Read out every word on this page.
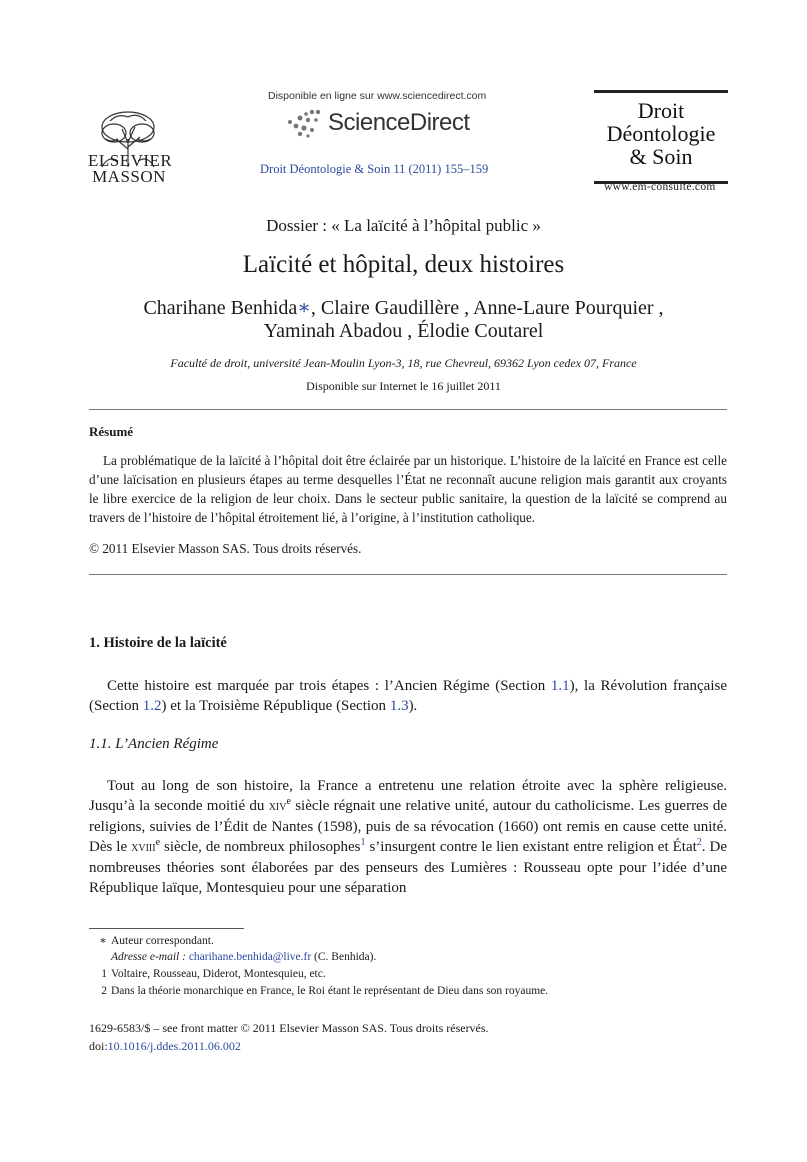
ELSEVIER
MASSON
Disponible en ligne sur www.sciencedirect.com
ScienceDirect
Droit Déontologie & Soin 11 (2011) 155–159
Droit
Déontologie
& Soin
www.em-consulte.com
Dossier : « La laïcité à l’hôpital public »
Laïcité et hôpital, deux histoires
Charihane Benhida∗, Claire Gaudillère , Anne-Laure Pourquier ,
Yaminah Abadou , Élodie Coutarel
Faculté de droit, université Jean-Moulin Lyon-3, 18, rue Chevreul, 69362 Lyon cedex 07, France
Disponible sur Internet le 16 juillet 2011
Résumé

La problématique de la laïcité à l’hôpital doit être éclairée par un historique. L’histoire de la laïcité en France est celle d’une laïcisation en plusieurs étapes au terme desquelles l’État ne reconnaît aucune religion mais garantit aux croyants le libre exercice de la religion de leur choix. Dans le secteur public sanitaire, la question de la laïcité se comprend au travers de l’histoire de l’hôpital étroitement lié, à l’origine, à l’institution catholique.

© 2011 Elsevier Masson SAS. Tous droits réservés.
1. Histoire de la laïcité

Cette histoire est marquée par trois étapes : l’Ancien Régime (Section 1.1), la Révolution française (Section 1.2) et la Troisième République (Section 1.3).

1.1. L’Ancien Régime

Tout au long de son histoire, la France a entretenu une relation étroite avec la sphère religieuse. Jusqu’à la seconde moitié du xiv$^e$ siècle régnait une relative unité, autour du catholicisme. Les guerres de religions, suivies de l’Édit de Nantes (1598), puis de sa révocation (1660) ont remis en cause cette unité. Dès le xviii$^e$ siècle, de nombreux philosophes$^1$ s’insurgent contre le lien existant entre religion et État$^2$. De nombreuses théories sont élaborées par des penseurs des Lumières : Rousseau opte pour l’idée d’une République laïque, Montesquieu pour une séparation

∗ Auteur correspondant.
Adresse e-mail : charihane.benhida@live.fr (C. Benhida).
1 Voltaire, Rousseau, Diderot, Montesquieu, etc.
2 Dans la théorie monarchique en France, le Roi étant le représentant de Dieu dans son royaume.
1629-6583/$ – see front matter © 2011 Elsevier Masson SAS. Tous droits réservés.
doi:10.1016/j.ddes.2011.06.002
